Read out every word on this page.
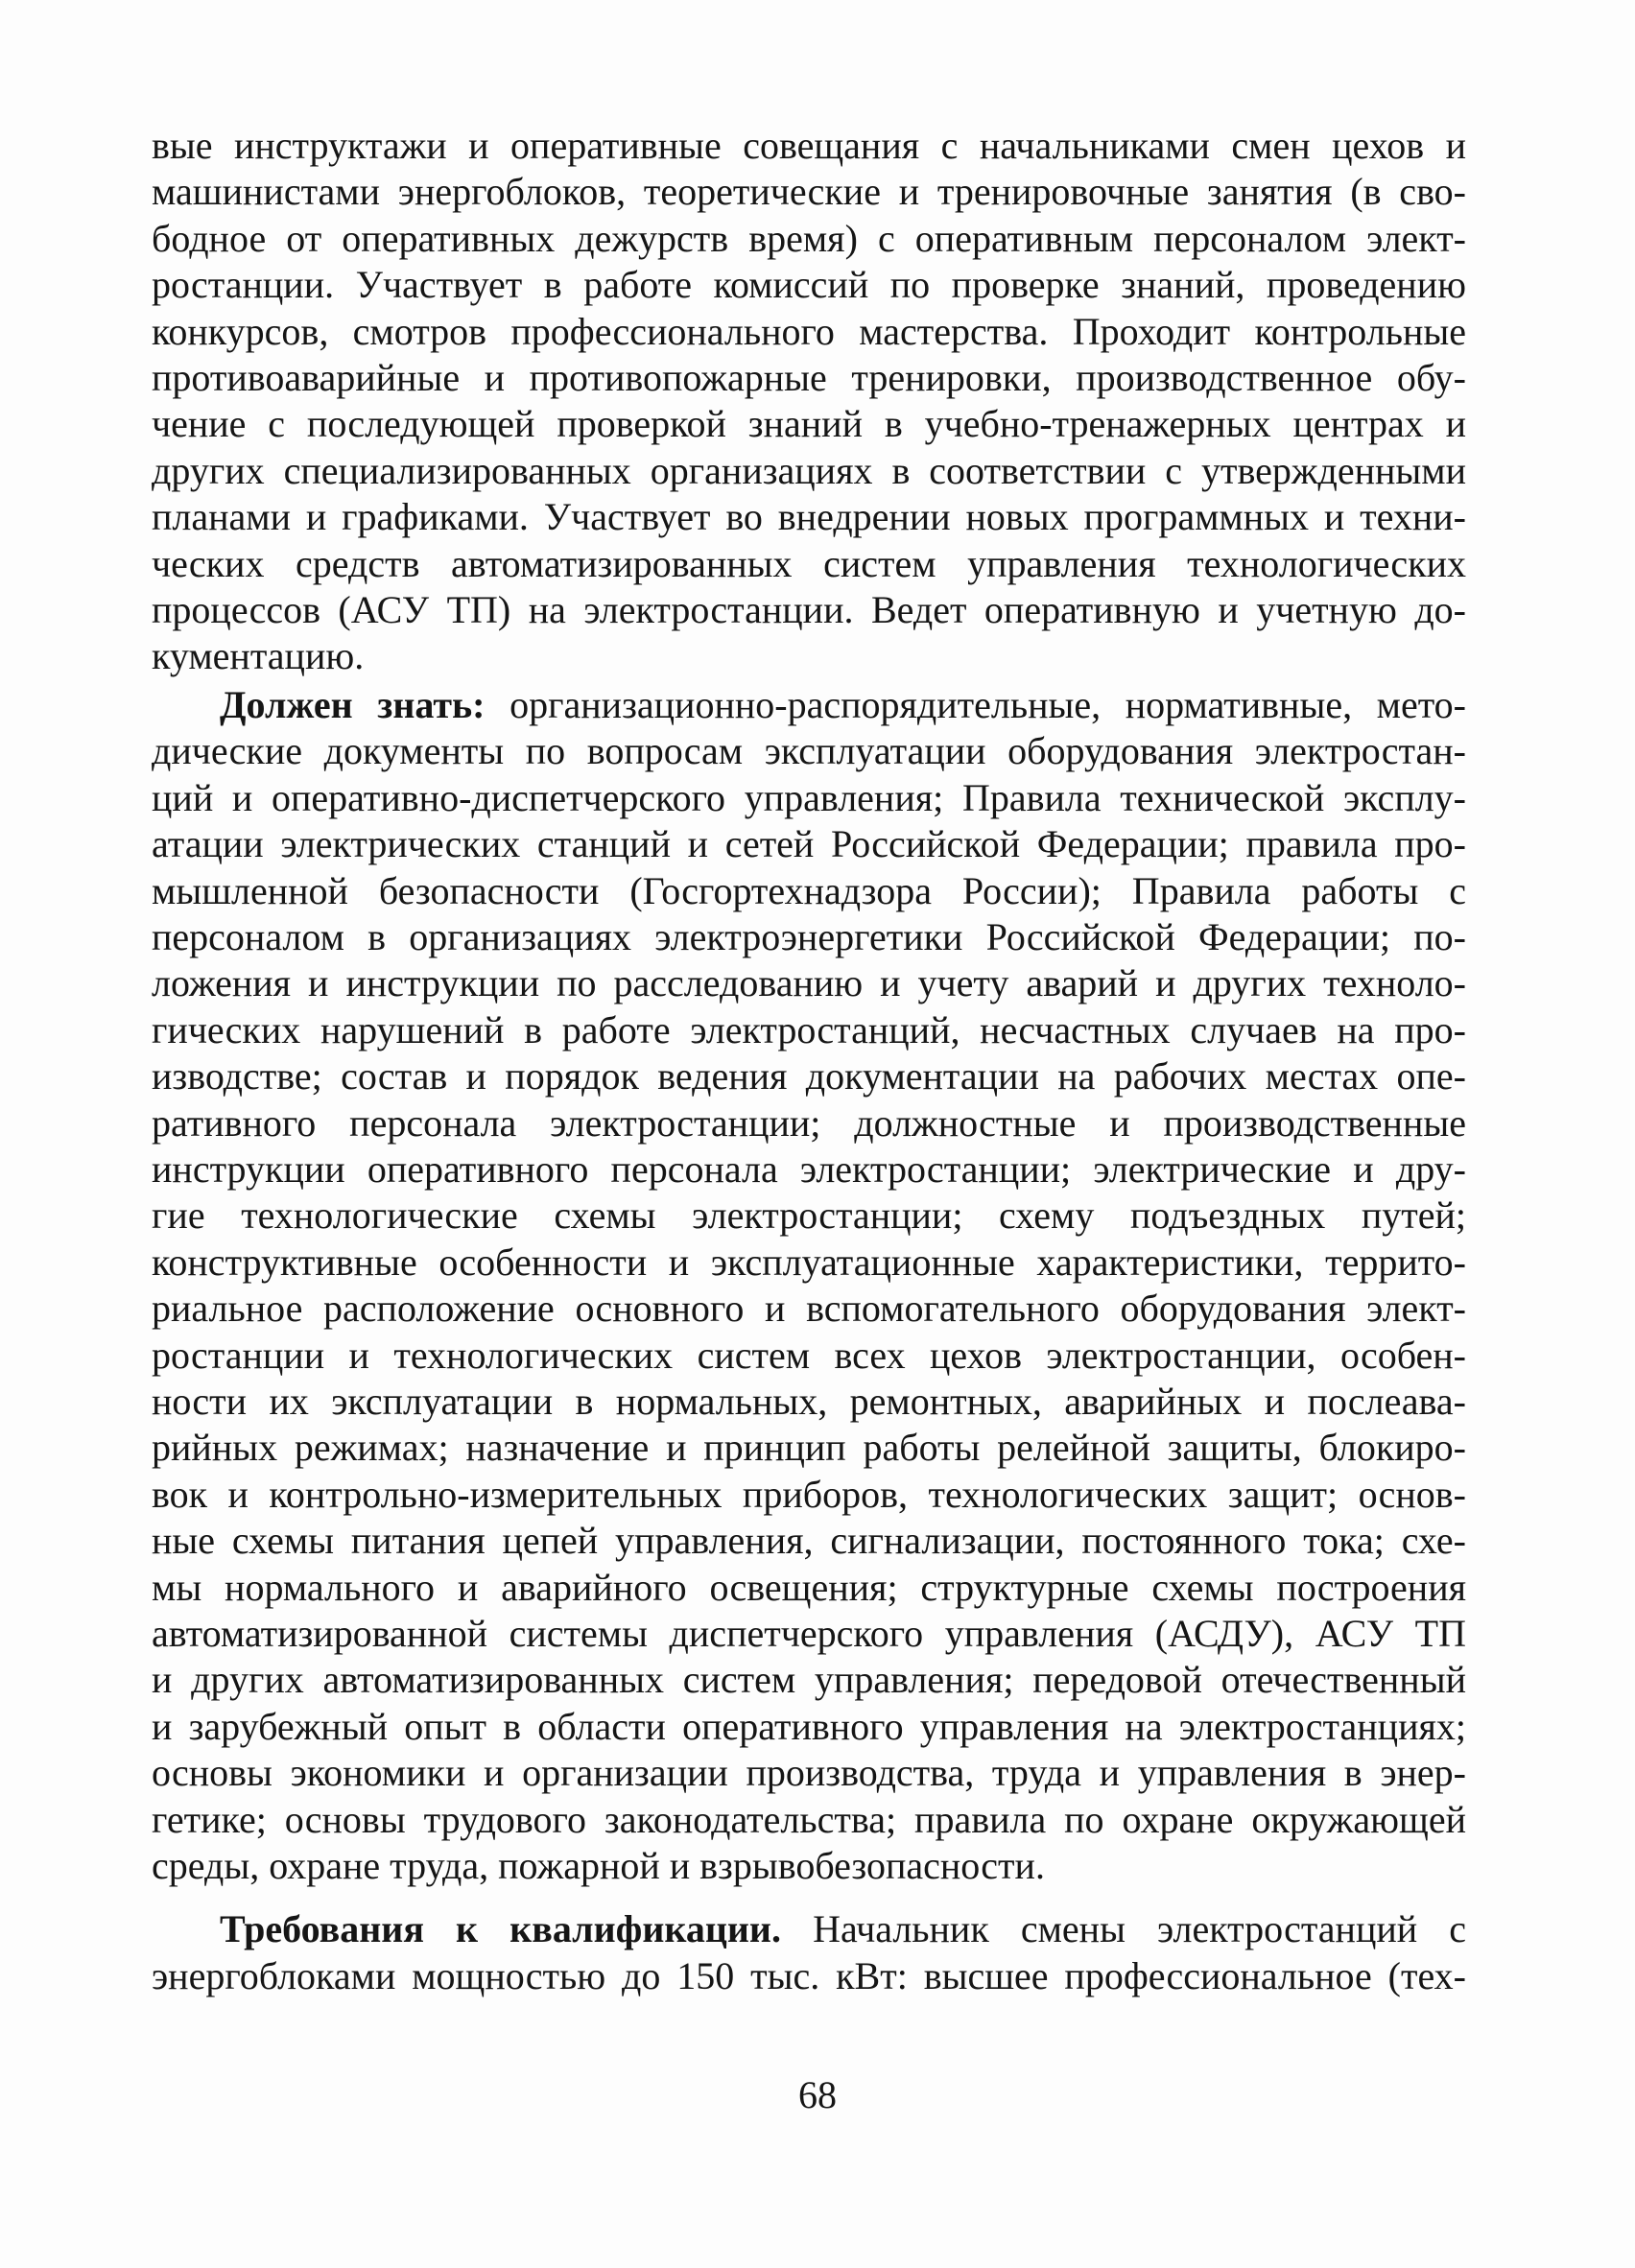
вые инструктажи и оперативные совещания с начальниками смен цехов и
машинистами энергоблоков, теоретические и тренировочные занятия (в сво-
бодное от оперативных дежурств время) с оперативным персоналом элект-
ростанции. Участвует в работе комиссий по проверке знаний, проведению
конкурсов, смотров профессионального мастерства. Проходит контрольные
противоаварийные и противопожарные тренировки, производственное обу-
чение с последующей проверкой знаний в учебно-тренажерных центрах и
других специализированных организациях в соответствии с утвержденными
планами и графиками. Участвует во внедрении новых программных и техни-
ческих средств автоматизированных систем управления технологических
процессов (АСУ ТП) на электростанции. Ведет оперативную и учетную до-
кументацию.
Должен знать: организационно-распорядительные, нормативные, мето-
дические документы по вопросам эксплуатации оборудования электростан-
ций и оперативно-диспетчерского управления; Правила технической эксплу-
атации электрических станций и сетей Российской Федерации; правила про-
мышленной безопасности (Госгортехнадзора России); Правила работы с
персоналом в организациях электроэнергетики Российской Федерации; по-
ложения и инструкции по расследованию и учету аварий и других техноло-
гических нарушений в работе электростанций, несчастных случаев на про-
изводстве; состав и порядок ведения документации на рабочих местах опе-
ративного персонала электростанции; должностные и производственные
инструкции оперативного персонала электростанции; электрические и дру-
гие технологические схемы электростанции; схему подъездных путей;
конструктивные особенности и эксплуатационные характеристики, террито-
риальное расположение основного и вспомогательного оборудования элект-
ростанции и технологических систем всех цехов электростанции, особен-
ности их эксплуатации в нормальных, ремонтных, аварийных и послеава-
рийных режимах; назначение и принцип работы релейной защиты, блокиро-
вок и контрольно-измерительных приборов, технологических защит; основ-
ные схемы питания цепей управления, сигнализации, постоянного тока; схе-
мы нормального и аварийного освещения; структурные схемы построения
автоматизированной системы диспетчерского управления (АСДУ), АСУ ТП
и других автоматизированных систем управления; передовой отечественный
и зарубежный опыт в области оперативного управления на электростанциях;
основы экономики и организации производства, труда и управления в энер-
гетике; основы трудового законодательства; правила по охране окружающей
среды, охране труда, пожарной и взрывобезопасности.
Требования к квалификации. Начальник смены электростанций с
энергоблоками мощностью до 150 тыс. кВт: высшее профессиональное (тех-
68
